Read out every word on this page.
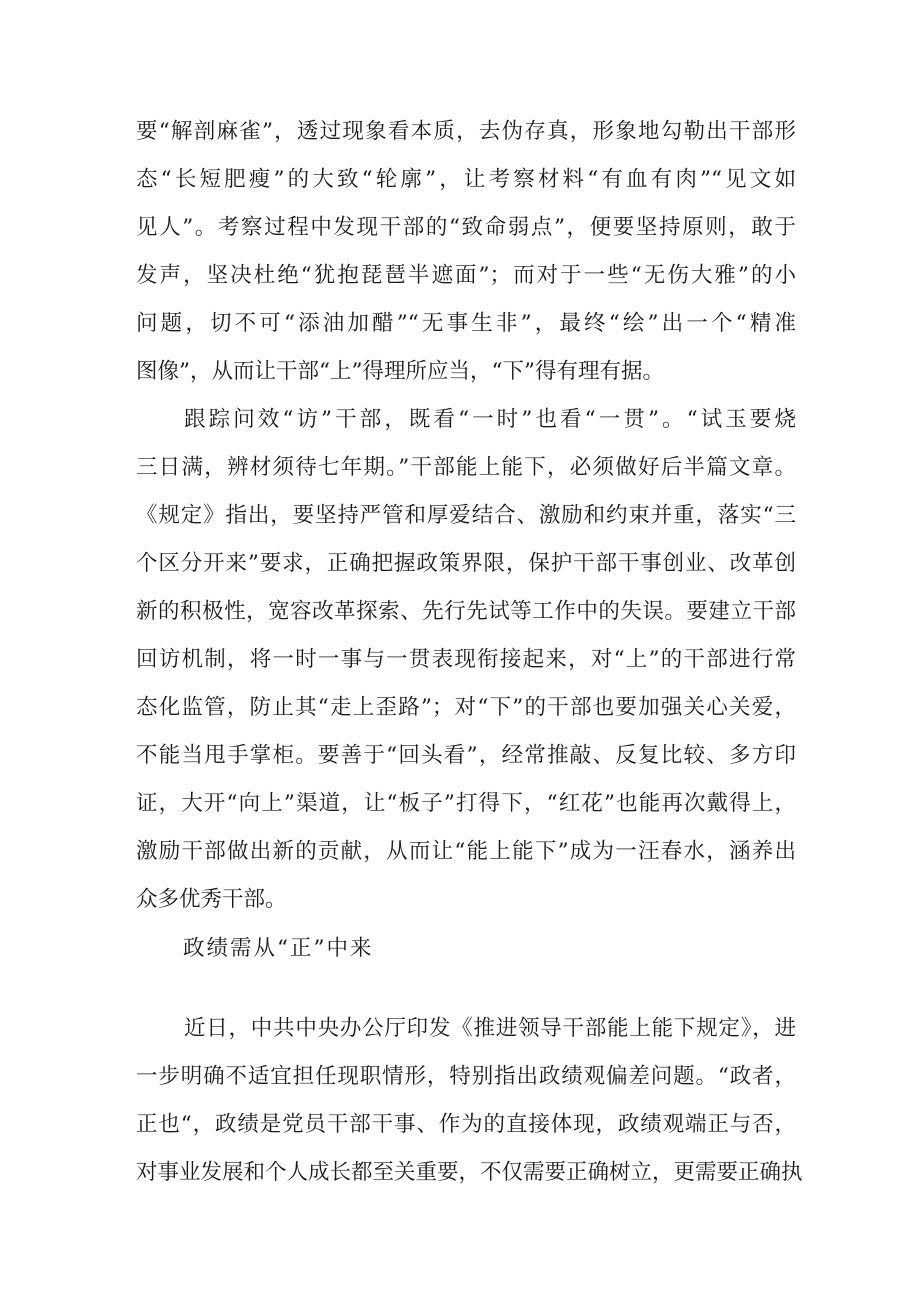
要“解剖麻雀”，透过现象看本质，去伪存真，形象地勾勒出干部形
态“长短肥瘦”的大致“轮廓”，让考察材料“有血有肉”“见文如
见人”。考察过程中发现干部的“致命弱点”，便要坚持原则，敢于
发声，坚决杜绝“犹抱琵琶半遮面”；而对于一些“无伤大雅”的小
问题，切不可“添油加醋”“无事生非”，最终“绘”出一个“精准
图像”，从而让干部“上”得理所应当，“下”得有理有据。
跟踪问效“访”干部，既看“一时”也看“一贯”。“试玉要烧
三日满，辨材须待七年期。”干部能上能下，必须做好后半篇文章。
《规定》指出，要坚持严管和厚爱结合、激励和约束并重，落实“三
个区分开来”要求，正确把握政策界限，保护干部干事创业、改革创
新的积极性，宽容改革探索、先行先试等工作中的失误。要建立干部
回访机制，将一时一事与一贯表现衔接起来，对“上”的干部进行常
态化监管，防止其“走上歪路”；对“下”的干部也要加强关心关爱，
不能当甩手掌柜。要善于“回头看”，经常推敲、反复比较、多方印
证，大开“向上”渠道，让“板子”打得下，“红花”也能再次戴得上，
激励干部做出新的贡献，从而让“能上能下”成为一汪春水，涵养出
众多优秀干部。
政绩需从“正”中来
近日，中共中央办公厅印发《推进领导干部能上能下规定》，进
一步明确不适宜担任现职情形，特别指出政绩观偏差问题。“政者，
正也“，政绩是党员干部干事、作为的直接体现，政绩观端正与否，
对事业发展和个人成长都至关重要，不仅需要正确树立，更需要正确执
